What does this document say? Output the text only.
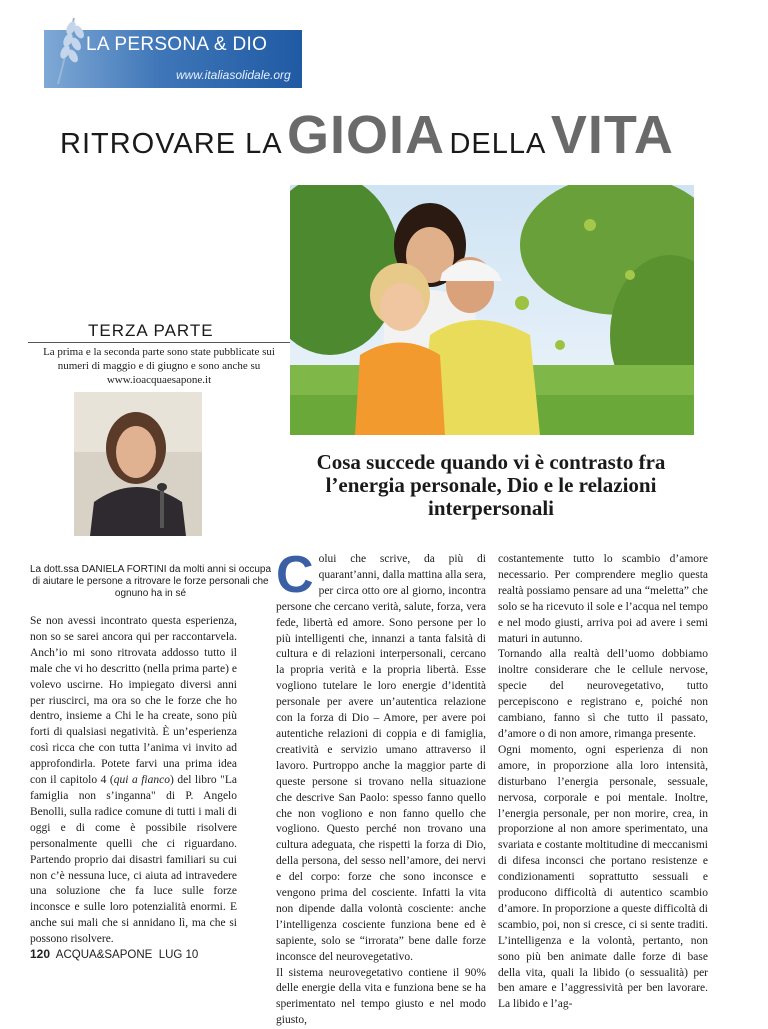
LA PERSONA & DIO
www.italiasolidale.org
RITROVARE LA GIOIA DELLA VITA
TERZA PARTE
La prima e la seconda parte sono state pubblicate sui numeri di maggio e di giugno e sono anche su www.ioacquaesapone.it
La dott.ssa DANIELA FORTINI da molti anni si occupa di aiutare le persone a ritrovare le forze personali che ognuno ha in sé
Cosa succede quando vi è contrasto fra l’energia personale, Dio e le relazioni interpersonali

Se non avessi incontrato questa esperienza, non so se sarei ancora qui per raccontarvela. Anch’io mi sono ritrovata addosso tutto il male che vi ho descritto (nella prima parte) e volevo uscirne. Ho impiegato diversi anni per riuscirci, ma ora so che le forze che ho dentro, insieme a Chi le ha create, sono più forti di qualsiasi negatività. È un’esperienza così ricca che con tutta l’anima vi invito ad approfondirla. Potete farvi una prima idea con il capitolo 4 (qui a fianco) del libro "La famiglia non s’inganna" di P. Angelo Benolli, sulla radice comune di tutti i mali di oggi e di come è possibile risolvere personalmente quelli che ci riguardano. Partendo proprio dai disastri familiari su cui non c’è nessuna luce, ci aiuta ad intravedere una soluzione che fa luce sulle forze inconsce e sulle loro potenzialità enormi. E anche sui mali che si annidano lì, ma che si possono risolvere.

Colui che scrive, da più di quarant’anni, dalla mattina alla sera, per circa otto ore al giorno, incontra persone che cercano verità, salute, forza, vera fede, libertà ed amore. Sono persone per lo più intelligenti che, innanzi a tanta falsità di cultura e di relazioni interpersonali, cercano la propria verità e la propria libertà. Esse vogliono tutelare le loro energie d’identità personale per avere un’autentica relazione con la forza di Dio – Amore, per avere poi autentiche relazioni di coppia e di famiglia, creatività e servizio umano attraverso il lavoro. Purtroppo anche la maggior parte di queste persone si trovano nella situazione che descrive San Paolo: spesso fanno quello che non vogliono e non fanno quello che vogliono. Questo perché non trovano una cultura adeguata, che rispetti la forza di Dio, della persona, del sesso nell’amore, dei nervi e del corpo: forze che sono inconsce e vengono prima del cosciente. Infatti la vita non dipende dalla volontà cosciente: anche l’intelligenza cosciente funziona bene ed è sapiente, solo se “irrorata” bene dalle forze inconsce del neurovegetativo.

Il sistema neurovegetativo contiene il 90% delle energie della vita e funziona bene se ha sperimentato nel tempo giusto e nel modo giusto,

costantemente tutto lo scambio d’amore necessario. Per comprendere meglio questa realtà possiamo pensare ad una “meletta” che solo se ha ricevuto il sole e l’acqua nel tempo e nel modo giusti, arriva poi ad avere i semi maturi in autunno.

Tornando alla realtà dell’uomo dobbiamo inoltre considerare che le cellule nervose, specie del neurovegetativo, tutto percepiscono e registrano e, poiché non cambiano, fanno sì che tutto il passato, d’amore o di non amore, rimanga presente.

Ogni momento, ogni esperienza di non amore, in proporzione alla loro intensità, disturbano l’energia personale, sessuale, nervosa, corporale e poi mentale. Inoltre, l’energia personale, per non morire, crea, in proporzione al non amore sperimentato, una svariata e costante moltitudine di meccanismi di difesa inconsci che portano resistenze e condizionamenti soprattutto sessuali e producono difficoltà di autentico scambio d’amore. In proporzione a queste difficoltà di scambio, poi, non si cresce, ci si sente traditi. L’intelligenza e la volontà, pertanto, non sono più ben animate dalle forze di base della vita, quali la libido (o sessualità) per ben amare e l’aggressività per ben lavorare. La libido e l’ag-

120 ACQUA&SAPONE LUG 10
